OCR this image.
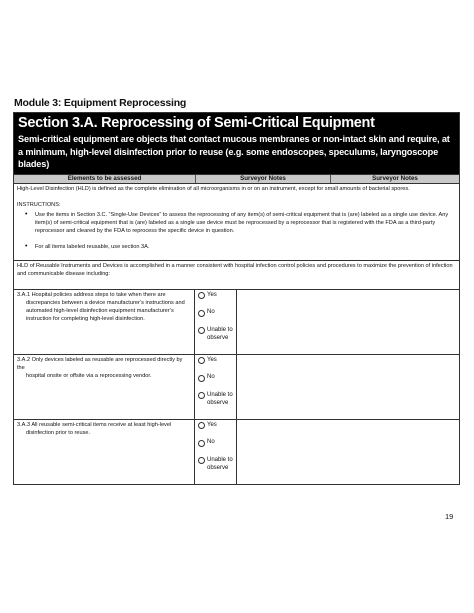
Module 3: Equipment Reprocessing
Section 3.A. Reprocessing of Semi-Critical Equipment
Semi-critical equipment are objects that contact mucous membranes or non-intact skin and require, at a minimum, high-level disinfection prior to reuse (e.g. some endoscopes, speculums, laryngoscope blades)
Elements to be assessed	Surveyor Notes	Surveyor Notes

High-Level Disinfection (HLD) is defined as the complete elimination of all microorganisms in or on an instrument, except for small amounts of bacterial spores.

INSTRUCTIONS:

• Use the items in Section 3.C. “Single-Use Devices” to assess the reprocessing of any item(s) of semi-critical equipment that is (are) labeled as a single use device. Any item(s) of semi-critical equipment that is (are) labeled as a single use device must be reprocessed by a reprocessor that is registered with the FDA as a third-party reprocessor and cleared by the FDA to reprocess the specific device in question.
• For all items labeled reusable, use section 3A.
HLD of Reusable Instruments and Devices is accomplished in a manner consistent with hospital infection control policies and procedures to maximize the prevention of infection and communicable disease including:
3.A.1 Hospital policies address steps to take when there are
discrepancies between a device manufacturer’s instructions and automated high-level disinfection equipment manufacturer’s instruction for completing high-level disinfection.
Yes
No
Unable to observe
3.A.2 Only devices labeled as reusable are reprocessed directly by the
hospital onsite or offsite via a reprocessing vendor.
Yes
No
Unable to observe
3.A.3 All reusable semi-critical items receive at least high-level
disinfection prior to reuse.
Yes
No
Unable to observe
19
